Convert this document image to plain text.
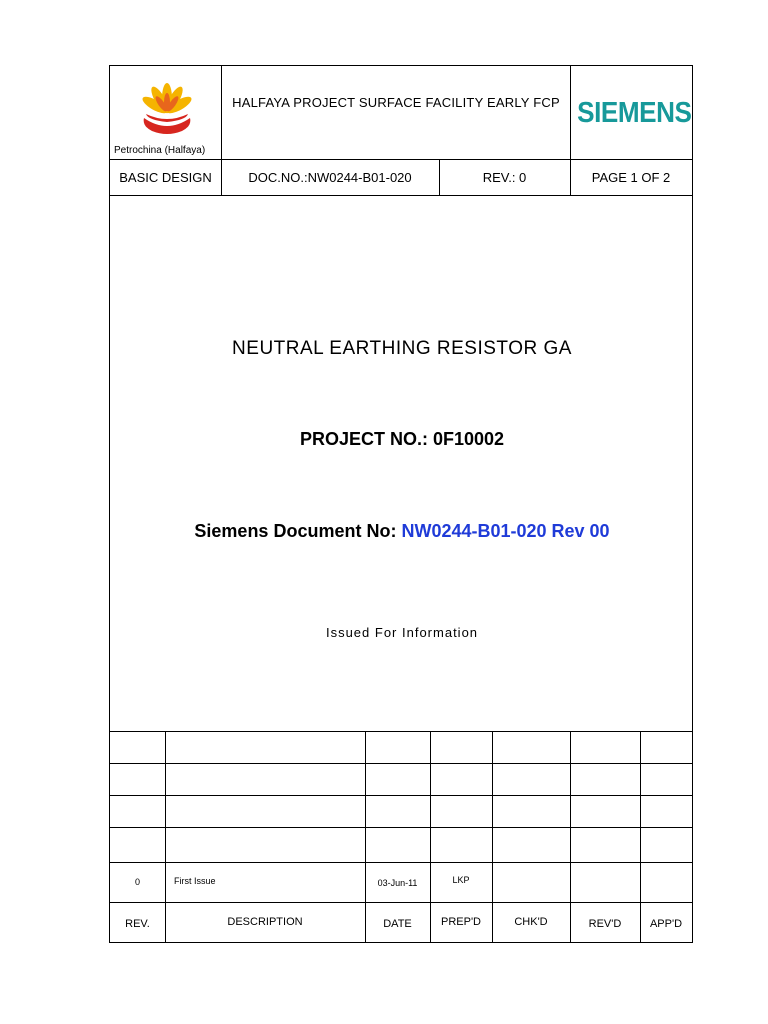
Petrochina (Halfaya)
HALFAYA PROJECT SURFACE FACILITY EARLY FCP SIEMENS
BASIC DESIGN	DOC.NO.:NW0244-B01-020	REV.: 0	PAGE 1 OF 2
NEUTRAL EARTHING RESISTOR GA
PROJECT NO.: 0F10002
Siemens Document No: NW0244-B01-020 Rev 00
Issued For Information
0	First Issue	03-Jun-11	LKP
REV.	DESCRIPTION	DATE	PREP'D	CHK'D	REV'D	APP'D
